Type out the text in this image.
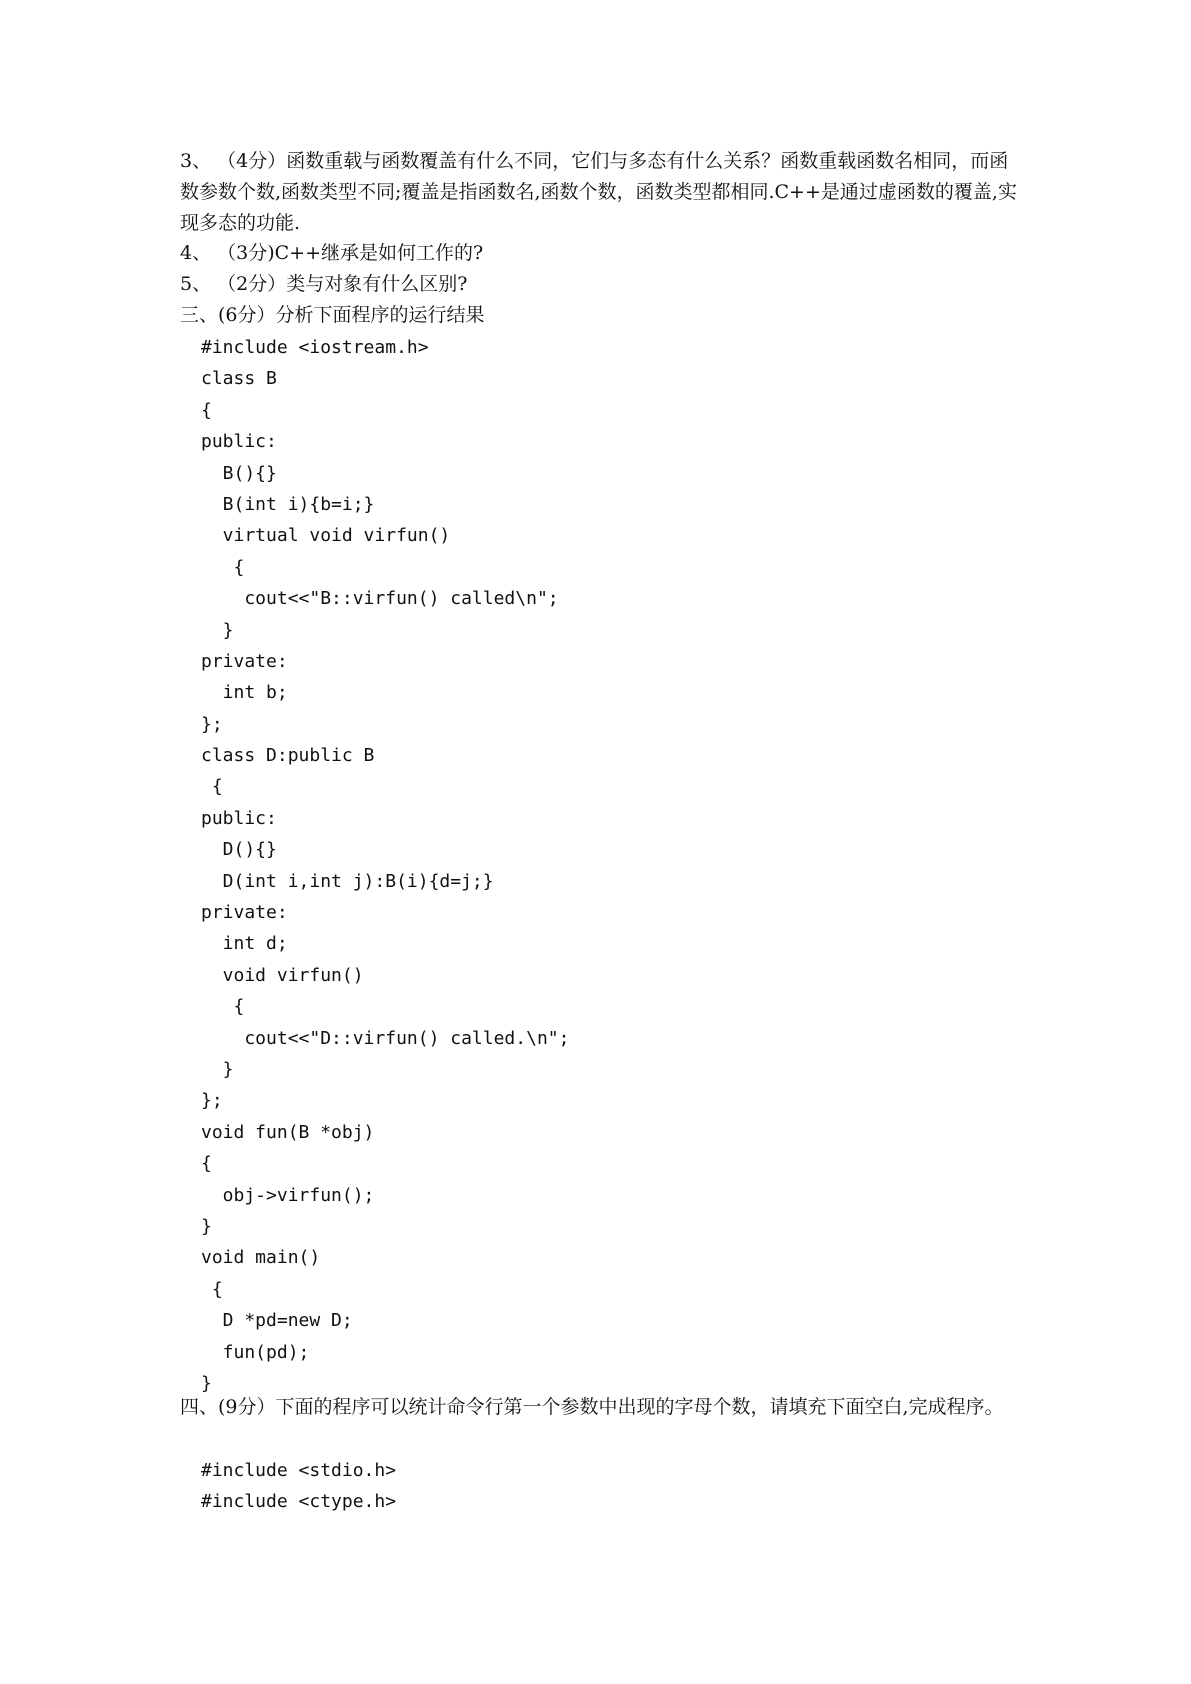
3、 （4分）函数重载与函数覆盖有什么不同，它们与多态有什么关系？函数重载函数名相同，而函数参数个数,函数类型不同;覆盖是指函数名,函数个数，函数类型都相同.C++是通过虚函数的覆盖,实现多态的功能.

4、 （3分)C++继承是如何工作的?

5、 （2分）类与对象有什么区别?

三、(6分）分析下面程序的运行结果

#include <iostream.h>
class B
{
public:
B(){}
B(int i){b=i;}
virtual void virfun()
{
cout<<"B::virfun() called\n";
}
private:
int b;
};
class D:public B
{
public:
D(){}
D(int i,int j):B(i){d=j;}
private:
int d;
void virfun()
{
cout<<"D::virfun() called.\n";
}
};
void fun(B *obj)
{
obj->virfun();
}
void main()
{
D *pd=new D;
fun(pd);
}

四、(9分）下面的程序可以统计命令行第一个参数中出现的字母个数，请填充下面空白,完成程序。

#include <stdio.h>
#include <ctype.h>
